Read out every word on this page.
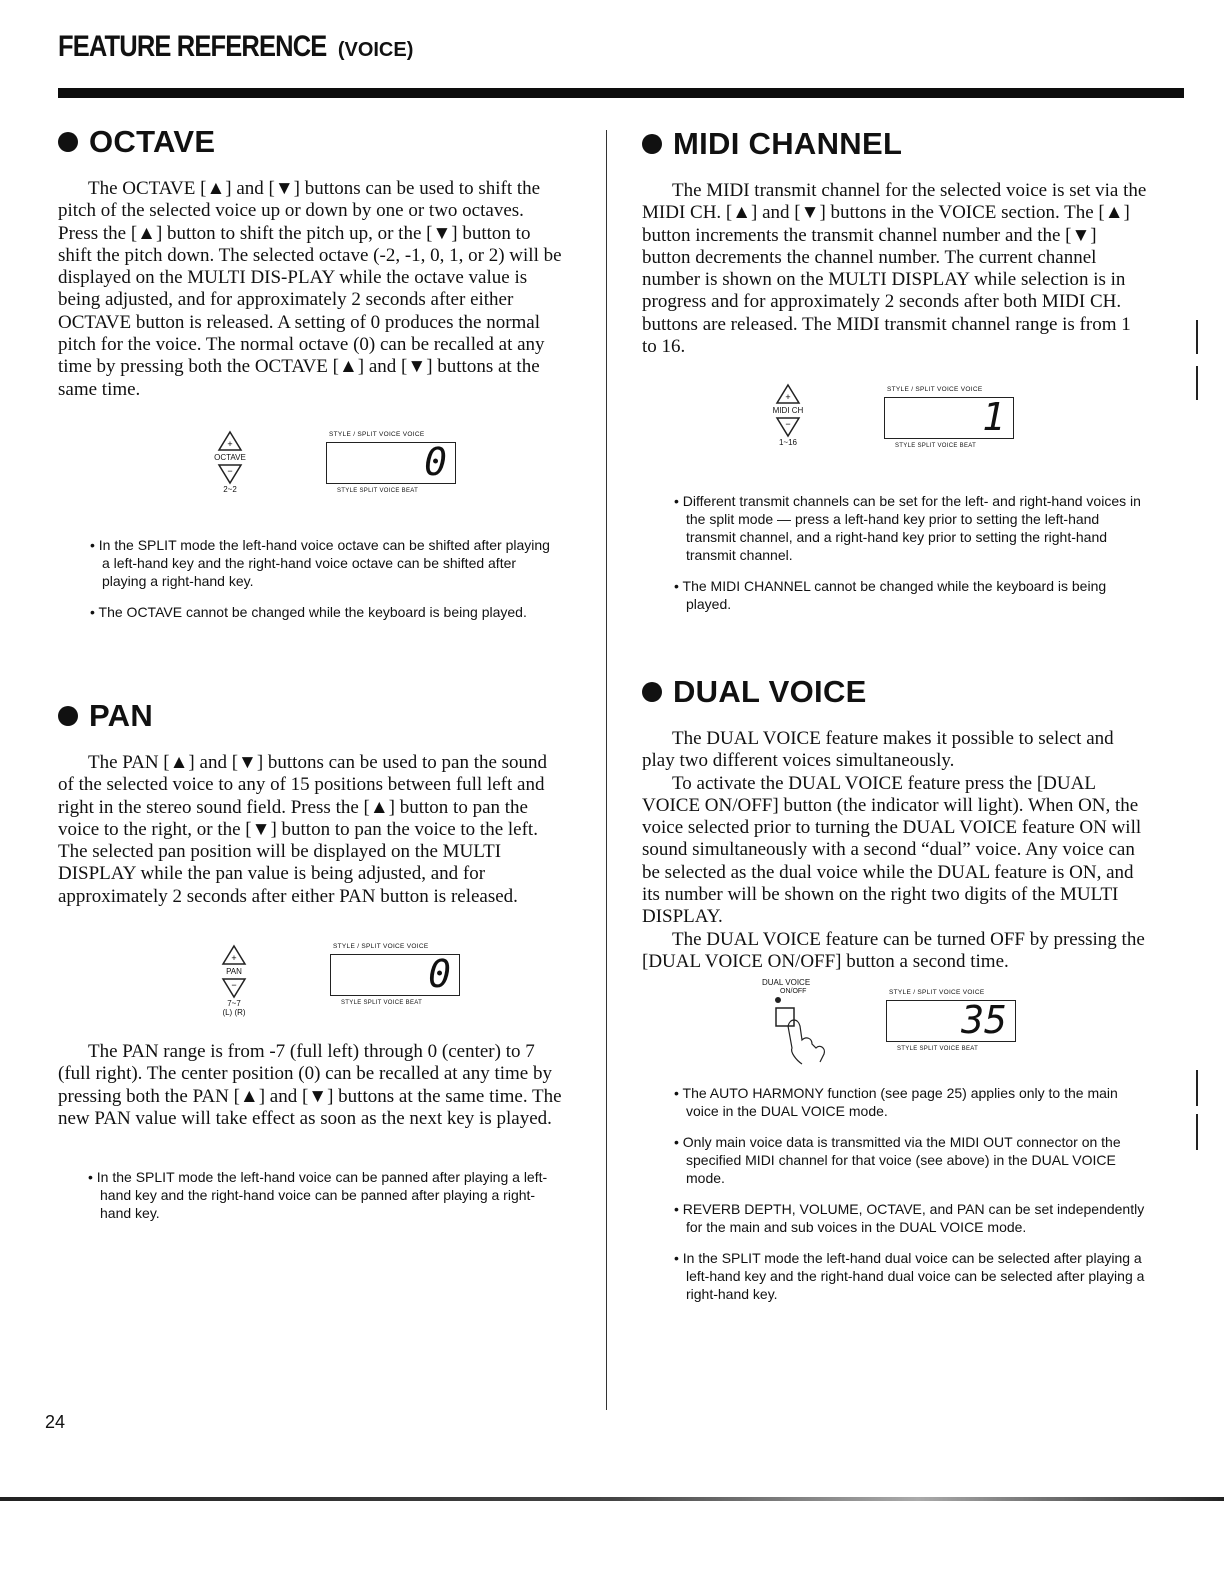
FEATURE REFERENCE (VOICE)
OCTAVE

The OCTAVE [▲] and [▼] buttons can be used to shift the pitch of the selected voice up or down by one or two octaves. Press the [▲] button to shift the pitch up, or the [▼] button to shift the pitch down. The selected octave (-2, -1, 0, 1, or 2) will be displayed on the MULTI DIS-PLAY while the octave value is being adjusted, and for approximately 2 seconds after either OCTAVE button is released. A setting of 0 produces the normal pitch for the voice. The normal octave (0) can be recalled at any time by pressing both the OCTAVE [▲] and [▼] buttons at the same time.

+
OCTAVE
−
2~2
STYLE / SPLIT VOICE VOICE
0
STYLE SPLIT VOICE BEAT
• In the SPLIT mode the left-hand voice octave can be shifted after playing a left-hand key and the right-hand voice octave can be shifted after playing a right-hand key.
• The OCTAVE cannot be changed while the keyboard is being played.
PAN

The PAN [▲] and [▼] buttons can be used to pan the sound of the selected voice to any of 15 positions between full left and right in the stereo sound field. Press the [▲] button to pan the voice to the right, or the [▼] button to pan the voice to the left. The selected pan position will be displayed on the MULTI DISPLAY while the pan value is being adjusted, and for approximately 2 seconds after either PAN button is released.

+
PAN
−
7~7
(L) (R)
STYLE / SPLIT VOICE VOICE
0
STYLE SPLIT VOICE BEAT

The PAN range is from -7 (full left) through 0 (center) to 7 (full right). The center position (0) can be recalled at any time by pressing both the PAN [▲] and [▼] buttons at the same time. The new PAN value will take effect as soon as the next key is played.

• In the SPLIT mode the left-hand voice can be panned after playing a left-hand key and the right-hand voice can be panned after playing a right-hand key.
MIDI CHANNEL

The MIDI transmit channel for the selected voice is set via the MIDI CH. [▲] and [▼] buttons in the VOICE section. The [▲] button increments the transmit channel number and the [▼] button decrements the channel number. The current channel number is shown on the MULTI DISPLAY while selection is in progress and for approximately 2 seconds after both MIDI CH. buttons are released. The MIDI transmit channel range is from 1 to 16.

+
MIDI CH
−
1~16
STYLE / SPLIT VOICE VOICE
1
STYLE SPLIT VOICE BEAT
• Different transmit channels can be set for the left- and right-hand voices in the split mode — press a left-hand key prior to setting the left-hand transmit channel, and a right-hand key prior to setting the right-hand transmit channel.
• The MIDI CHANNEL cannot be changed while the keyboard is being played.
DUAL VOICE

The DUAL VOICE feature makes it possible to select and play two different voices simultaneously.

To activate the DUAL VOICE feature press the [DUAL VOICE ON/OFF] button (the indicator will light). When ON, the voice selected prior to turning the DUAL VOICE feature ON will sound simultaneously with a second “dual” voice. Any voice can be selected as the dual voice while the DUAL feature is ON, and its number will be shown on the right two digits of the MULTI DISPLAY.

The DUAL VOICE feature can be turned OFF by pressing the [DUAL VOICE ON/OFF] button a second time.

DUAL VOICE
ON/OFF	STYLE / SPLIT VOICE VOICE
35
STYLE SPLIT VOICE BEAT
• The AUTO HARMONY function (see page 25) applies only to the main voice in the DUAL VOICE mode.
• Only main voice data is transmitted via the MIDI OUT connector on the specified MIDI channel for that voice (see above) in the DUAL VOICE mode.
• REVERB DEPTH, VOLUME, OCTAVE, and PAN can be set independently for the main and sub voices in the DUAL VOICE mode.
• In the SPLIT mode the left-hand dual voice can be selected after playing a left-hand key and the right-hand dual voice can be selected after playing a right-hand key.
24
